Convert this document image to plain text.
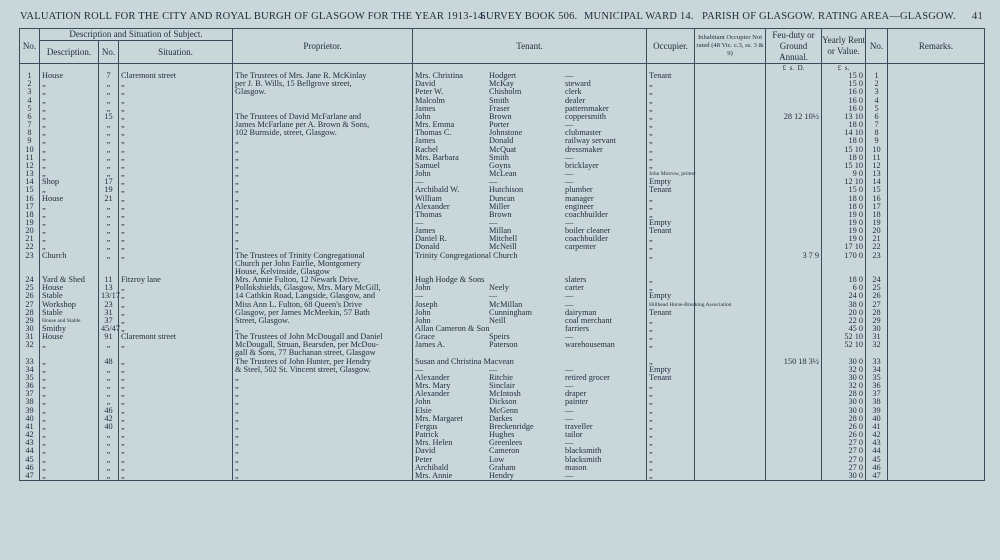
VALUATION ROLL FOR THE CITY AND ROYAL BURGH OF GLASGOW FOR THE YEAR 1913-14.
SURVEY BOOK 506. MUNICIPAL WARD 14. PARISH OF GLASGOW. RATING AREA—GLASGOW. 41
No.	Description and Situation of Subject.			Proprietor.	Tenant.	Occupier.	Inhabitant Occupier Not rated (48 Vic. c.3, ss. 3 & 9)	Feu-duty or Ground Annual.	Yearly Rent or Value.	No.	Remarks.
	Description.	No.	Situation.								
								£ s. D.	£ s.		
1	House	7	Claremont street	The Trustees of Mrs. Jane R. McKinlay	Mrs. Christina Hodgert —	Tenant			15 0	1	
2	„	„	„	per J. B. Wills, 15 Bellgrove street,	David McKay steward	„			15 0	2	
3	„	„	„	Glasgow.	Peter W. Chisholm clerk	„			16 0	3	
4	„	„	„		Malcolm Smith dealer	„			16 0	4	
5	„	„	„		James Fraser patternmaker	„			16 0	5	
6	„	15	„	The Trustees of David McFarlane and	John Brown coppersmith	„		28 12 10½	13 10	6	
7	„	„	„	James McFarlane per A. Brown & Sons,	Mrs. Emma Porter —	„			18 0	7	
8	„	„	„	102 Burnside, street, Glasgow.	Thomas C. Johnstone clubmaster	„			14 10	8	
9	„	„	„	„	James Donald railway servant	„			18 0	9	
10	„	„	„	„	Rachel McQuat dressmaker	„			15 10	10	
11	„	„	„	„	Mrs. Barbara Smith —	„			18 0	11	
12	„	„	„	„	Samuel Goyns bricklayer	„			15 10	12	
13	„	„	„	„	John McLean —	John Morrow, printer			9 0	13	
14	Shop	17	„	„	— — —	Empty			12 10	14	
15	„	19	„	„	Archibald W. Hutchison plumber	Tenant			15 0	15	
16	House	21	„	„	William Duncan manager	„			18 0	16	
17	„	„	„	„	Alexander Miller engineer	„			18 0	17	
18	„	„	„	„	Thomas Brown coachbuilder	„			19 0	18	
19	„	„	„	„	— — —	Empty			19 0	19	
20	„	„	„	„	James Millan boiler cleaner	Tenant			19 0	20	
21	„	„	„	„	Daniel R. Mitchell coachbuilder	„			19 0	21	
22	„	„	„	„	Donald McNeill carpenter	„			17 10	22	
23	Church	„	„	The Trustees of Trinity Congregational	Trinity Congregational Church	„		3 7 9	170 0	23	
				Church per John Fairlie, Montgomery							
				House, Kelvinside, Glasgow							
24	Yard & Shed	11	Fitzroy lane	Mrs. Annie Fulton, 12 Newark Drive,	Hugh Hodge & Sons slaters	„			18 0	24	
25	House	13	„	Pollokshields, Glasgow, Mrs. Mary McGill,	John Neely carter	„			6 0	25	
26	Stable	13/17	„	14 Cathkin Road, Langside, Glasgow, and	— — —	Empty			24 0	26	
27	Workshop	23	„	Miss Ann L. Fulton, 68 Queen's Drive	Joseph McMillan —	Hillhead Horse-Breaking Association			38 0	27	
28	Stable	31	„	Glasgow, per James McMeekin, 57 Bath	John Cunningham dairyman	Tenant			20 0	28	
29	House and Stable	37	„	Street, Glasgow.	John Neill coal merchant	„			22 0	29	
30	Smithy	45/47	„	„	Allan Cameron & Son farriers	„			45 0	30	
31	House	91	Claremont street	The Trustees of John McDougall and Daniel	Grace Speirs —	„			52 10	31	
32	„	„	„	McDougall, Struan, Bearsden, per McDou-	James A. Paterson warehouseman	„			52 10	32	
				gall & Sons, 77 Buchanan street, Glasgow							
33	„	48	„	The Trustees of John Hunter, per Hendry	Susan and Christina Macvean	„		150 18 3½	30 0	33	
34	„	„	„	& Steel, 502 St. Vincent street, Glasgow.	— — —	Empty			32 0	34	
35	„	„	„	„	Alexander Ritchie retired grocer	Tenant			30 0	35	
36	„	„	„	„	Mrs. Mary Sinclair —	„			32 0	36	
37	„	„	„	„	Alexander McIntosh draper	„			28 0	37	
38	„	„	„	„	John Dickson painter	„			30 0	38	
39	„	46	„	„	Elsie McGenn —	„			30 0	39	
40	„	42	„	„	Mrs. Margaret Darkes —	„			28 0	40	
41	„	40	„	„	Fergus Breckenridge traveller	„			26 0	41	
42	„	„	„	„	Patrick Hughes tailor	„			26 0	42	
43	„	„	„	„	Mrs. Helen Greenlees —	„			27 0	43	
44	„	„	„	„	David Cameron blacksmith	„			27 0	44	
45	„	„	„	„	Peter Low blacksmith	„			27 0	45	
46	„	„	„	„	Archibald Graham mason	„			27 0	46	
47	„	„	„	„	Mrs. Annie Hendry —	„			30 0	47	
